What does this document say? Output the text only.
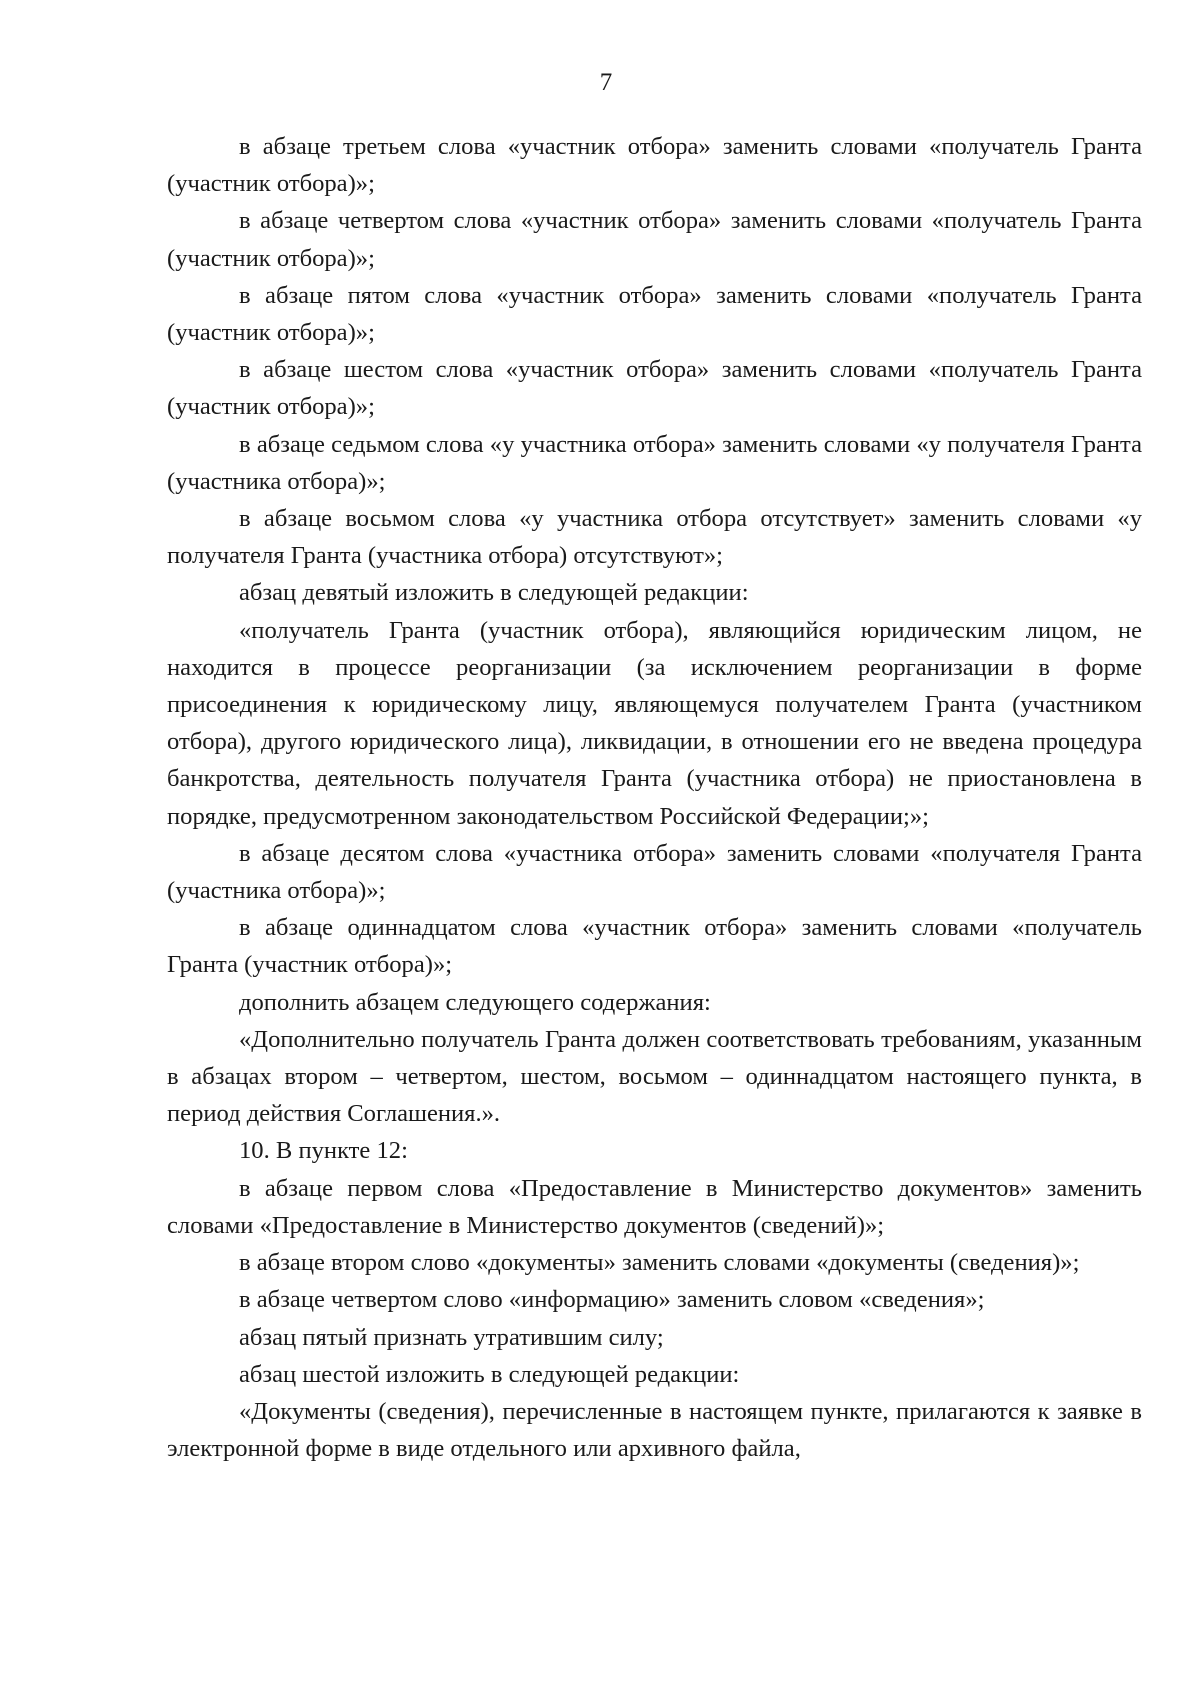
7

в абзаце третьем слова «участник отбора» заменить словами «получатель Гранта (участник отбора)»;

в абзаце четвертом слова «участник отбора» заменить словами «получатель Гранта (участник отбора)»;

в абзаце пятом слова «участник отбора» заменить словами «получатель Гранта (участник отбора)»;

в абзаце шестом слова «участник отбора» заменить словами «получатель Гранта (участник отбора)»;

в абзаце седьмом слова «у участника отбора» заменить словами «у получателя Гранта (участника отбора)»;

в абзаце восьмом слова «у участника отбора отсутствует» заменить словами «у получателя Гранта (участника отбора) отсутствуют»;

абзац девятый изложить в следующей редакции:

«получатель Гранта (участник отбора), являющийся юридическим лицом, не находится в процессе реорганизации (за исключением реорганизации в форме присоединения к юридическому лицу, являющемуся получателем Гранта (участником отбора), другого юридического лица), ликвидации, в отношении его не введена процедура банкротства, деятельность получателя Гранта (участника отбора) не приостановлена в порядке, предусмотренном законодательством Российской Федерации;»;

в абзаце десятом слова «участника отбора» заменить словами «получателя Гранта (участника отбора)»;

в абзаце одиннадцатом слова «участник отбора» заменить словами «получатель Гранта (участник отбора)»;

дополнить абзацем следующего содержания:

«Дополнительно получатель Гранта должен соответствовать требованиям, указанным в абзацах втором – четвертом, шестом, восьмом – одиннадцатом настоящего пункта, в период действия Соглашения.».

10. В пункте 12:

в абзаце первом слова «Предоставление в Министерство документов» заменить словами «Предоставление в Министерство документов (сведений)»;

в абзаце втором слово «документы» заменить словами «документы (сведения)»;

в абзаце четвертом слово «информацию» заменить словом «сведения»;

абзац пятый признать утратившим силу;

абзац шестой изложить в следующей редакции:

«Документы (сведения), перечисленные в настоящем пункте, прилагаются к заявке в электронной форме в виде отдельного или архивного файла,
